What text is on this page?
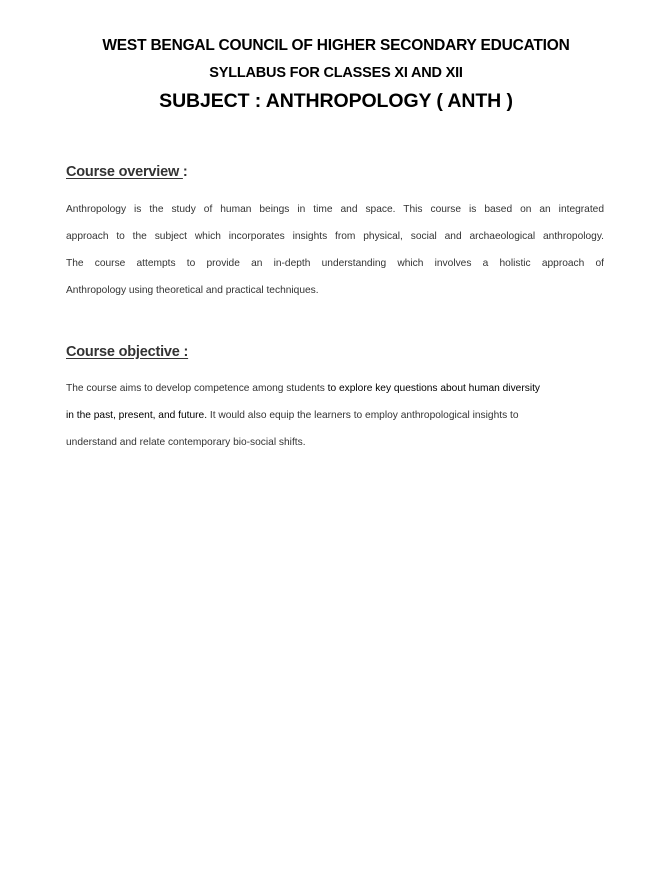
WEST BENGAL COUNCIL OF HIGHER SECONDARY EDUCATION
SYLLABUS FOR CLASSES XI AND XII
SUBJECT : ANTHROPOLOGY ( ANTH )
Course overview :
Anthropology is the study of human beings in time and space. This course is based on an integrated
approach to the subject which incorporates insights from physical, social and archaeological anthropology.
The course attempts to provide an in-depth understanding which involves a holistic approach of
Anthropology using theoretical and practical techniques.
Course objective :
The course aims to develop competence among students to explore key questions about human diversity
in the past, present, and future. It would also equip the learners to employ anthropological insights to
understand and relate contemporary bio-social shifts.
